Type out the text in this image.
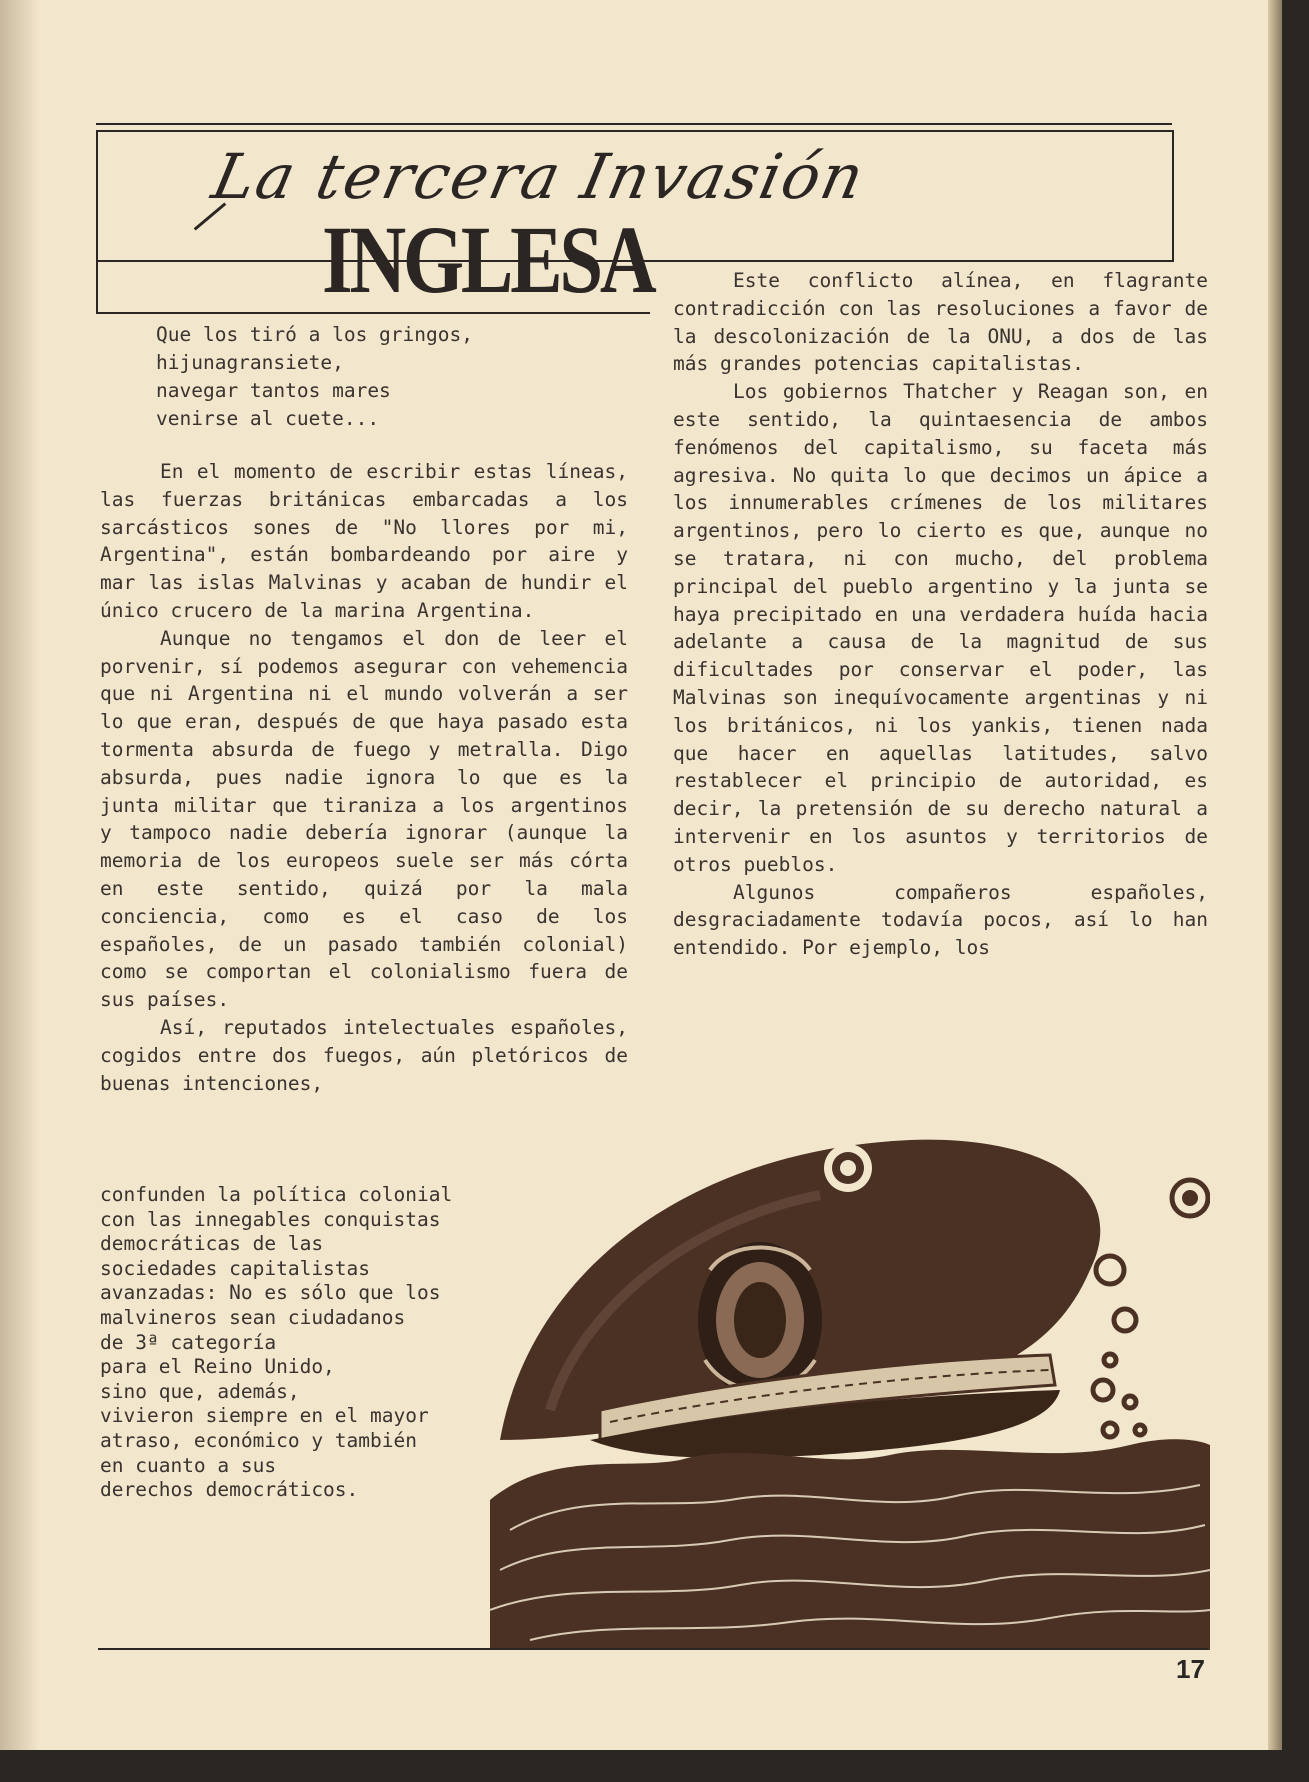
La tercera Invasión
INGLESA
Que los tiró a los gringos,
hijunagransiete,
navegar tantos mares
venirse al cuete...

En el momento de escribir estas líneas, las fuerzas británicas embarcadas a los sarcásticos sones de "No llores por mi, Argentina", están bombardeando por aire y mar las islas Malvinas y acaban de hundir el único crucero de la marina Argentina.

Aunque no tengamos el don de leer el porvenir, sí podemos asegurar con vehemencia que ni Argentina ni el mundo volverán a ser lo que eran, después de que haya pasado esta tormenta absurda de fuego y metralla. Digo absurda, pues nadie ignora lo que es la junta militar que tiraniza a los argentinos y tampoco nadie debería ignorar (aunque la memoria de los europeos suele ser más córta en este sentido, quizá por la mala conciencia, como es el caso de los españoles, de un pasado también colonial) como se comportan el colonialismo fuera de sus países.

Así, reputados intelectuales españoles, cogidos entre dos fuegos, aún pletóricos de buenas intenciones,

confunden la política colonial
con las innegables conquistas
democráticas de las
sociedades capitalistas
avanzadas: No es sólo que los
malvineros sean ciudadanos
de 3ª categoría
para el Reino Unido,
sino que, además,
vivieron siempre en el mayor
atraso, económico y también
en cuanto a sus
derechos democráticos.

Este conflicto alínea, en flagrante contradicción con las resoluciones a favor de la descolonización de la ONU, a dos de las más grandes potencias capitalistas.

Los gobiernos Thatcher y Reagan son, en este sentido, la quintaesencia de ambos fenómenos del capitalismo, su faceta más agresiva. No quita lo que decimos un ápice a los innumerables crímenes de los militares argentinos, pero lo cierto es que, aunque no se tratara, ni con mucho, del problema principal del pueblo argentino y la junta se haya precipitado en una verdadera huída hacia adelante a causa de la magnitud de sus dificultades por conservar el poder, las Malvinas son inequívocamente argentinas y ni los británicos, ni los yankis, tienen nada que hacer en aquellas latitudes, salvo restablecer el principio de autoridad, es decir, la pretensión de su derecho natural a intervenir en los asuntos y territorios de otros pueblos.

Algunos compañeros españoles, desgraciadamente todavía pocos, así lo han entendido. Por ejemplo, los

17
